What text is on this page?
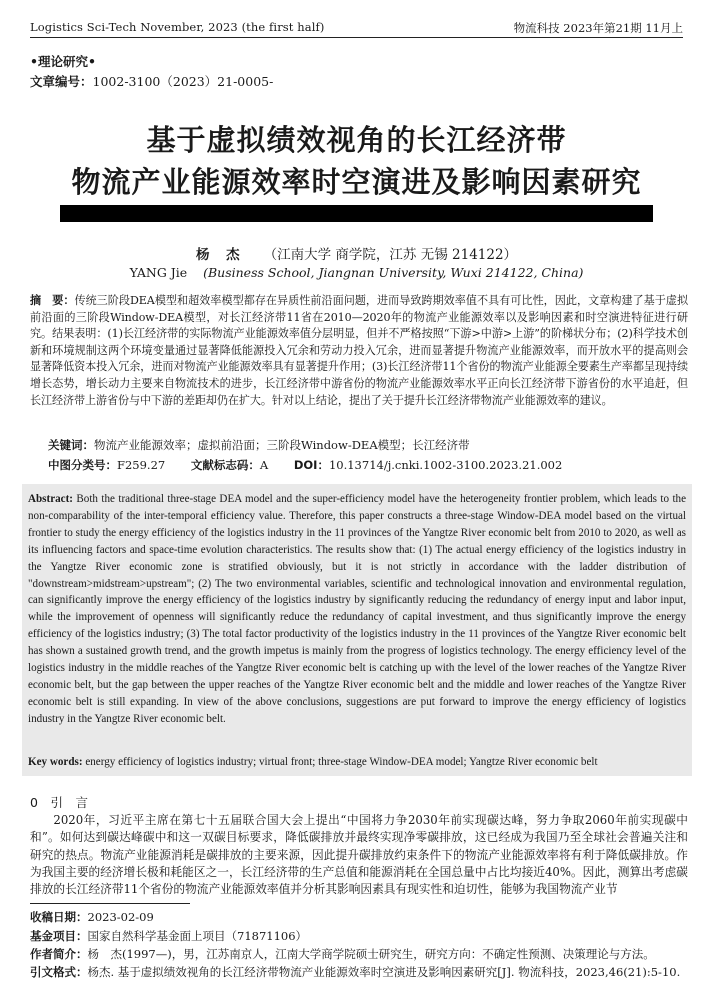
Logistics Sci-Tech November, 2023 (the first half)	物流科技 2023年第21期 11月上
•理论研究•
文章编号：1002-3100（2023）21-0005-
基于虚拟绩效视角的长江经济带
物流产业能源效率时空演进及影响因素研究
杨 杰 （江南大学 商学院，江苏 无锡 214122）
YANG Jie (Business School, Jiangnan University, Wuxi 214122, China)
摘　要：传统三阶段DEA模型和超效率模型都存在异质性前沿面问题，进而导致跨期效率值不具有可比性，因此，文章构建了基于虚拟前沿面的三阶段Window-DEA模型，对长江经济带11省在2010—2020年的物流产业能源效率以及影响因素和时空演进特征进行研究。结果表明：(1)长江经济带的实际物流产业能源效率值分层明显，但并不严格按照“下游>中游>上游”的阶梯状分布；(2)科学技术创新和环境规制这两个环境变量通过显著降低能源投入冗余和劳动力投入冗余，进而显著提升物流产业能源效率，而开放水平的提高则会显著降低资本投入冗余，进而对物流产业能源效率具有显著提升作用；(3)长江经济带11个省份的物流产业能源全要素生产率都呈现持续增长态势，增长动力主要来自物流技术的进步，长江经济带中游省份的物流产业能源效率水平正向长江经济带下游省份的水平追赶，但长江经济带上游省份与中下游的差距却仍在扩大。针对以上结论，提出了关于提升长江经济带物流产业能源效率的建议。
关键词：物流产业能源效率；虚拟前沿面；三阶段Window-DEA模型；长江经济带
中图分类号：F259.27 文献标志码：A DOI：10.13714/j.cnki.1002-3100.2023.21.002
Abstract: Both the traditional three-stage DEA model and the super-efficiency model have the heterogeneity frontier problem, which leads to the non-comparability of the inter-temporal efficiency value. Therefore, this paper constructs a three-stage Window-DEA model based on the virtual frontier to study the energy efficiency of the logistics industry in the 11 provinces of the Yangtze River economic belt from 2010 to 2020, as well as its influencing factors and space-time evolution characteristics. The results show that: (1) The actual energy efficiency of the logistics industry in the Yangtze River economic zone is stratified obviously, but it is not strictly in accordance with the ladder distribution of "downstream>midstream>upstream"; (2) The two environmental variables, scientific and technological innovation and environmental regulation, can significantly improve the energy efficiency of the logistics industry by significantly reducing the redundancy of energy input and labor input, while the improvement of openness will significantly reduce the redundancy of capital investment, and thus significantly improve the energy efficiency of the logistics industry; (3) The total factor productivity of the logistics industry in the 11 provinces of the Yangtze River economic belt has shown a sustained growth trend, and the growth impetus is mainly from the progress of logistics technology. The energy efficiency level of the logistics industry in the middle reaches of the Yangtze River economic belt is catching up with the level of the lower reaches of the Yangtze River economic belt, but the gap between the upper reaches of the Yangtze River economic belt and the middle and lower reaches of the Yangtze River economic belt is still expanding. In view of the above conclusions, suggestions are put forward to improve the energy efficiency of logistics industry in the Yangtze River economic belt.
Key words: energy efficiency of logistics industry; virtual front; three-stage Window-DEA model; Yangtze River economic belt
0　引　言
2020年，习近平主席在第七十五届联合国大会上提出“中国将力争2030年前实现碳达峰，努力争取2060年前实现碳中和”。如何达到碳达峰碳中和这一双碳目标要求，降低碳排放并最终实现净零碳排放，这已经成为我国乃至全球社会普遍关注和研究的热点。物流产业能源消耗是碳排放的主要来源，因此提升碳排放约束条件下的物流产业能源效率将有利于降低碳排放。作为我国主要的经济增长极和耗能区之一，长江经济带的生产总值和能源消耗在全国总量中占比均接近40%。因此，测算出考虑碳排放的长江经济带11个省份的物流产业能源效率值并分析其影响因素具有现实性和迫切性，能够为我国物流产业节
收稿日期：2023-02-09
基金项目：国家自然科学基金面上项目（71871106）
作者简介：杨　杰(1997—)，男，江苏南京人，江南大学商学院硕士研究生，研究方向：不确定性预测、决策理论与方法。
引文格式：杨杰. 基于虚拟绩效视角的长江经济带物流产业能源效率时空演进及影响因素研究[J]. 物流科技，2023,46(21):5-10.
